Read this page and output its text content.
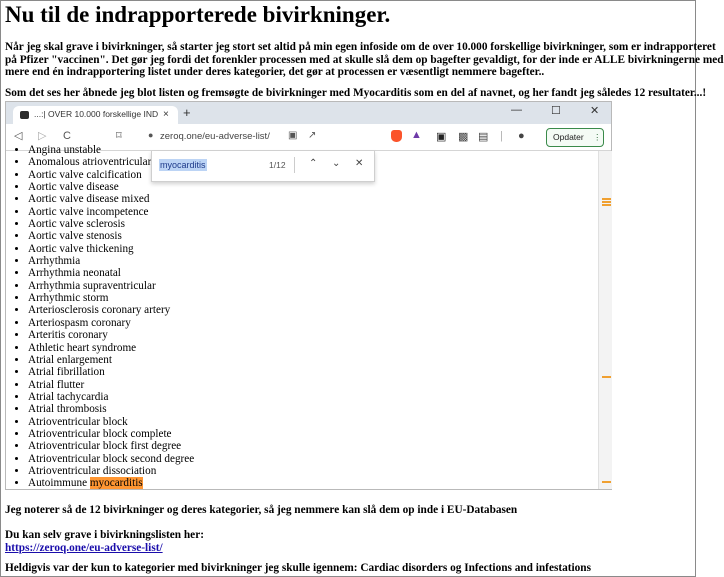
Nu til de indrapporterede bivirkninger.
Når jeg skal grave i bivirkninger, så starter jeg stort set altid på min egen infoside om de over 10.000 forskellige bivirkninger, som er indrapporteret
på Pfizer "vaccinen". Det gør jeg fordi det forenkler processen med at skulle slå dem op bagefter gevaldigt, for der inde er ALLE bivirkningerne med
mere end én indrapportering listet under deres kategorier, det gør at processen er væsentligt nemmere bagefter..
Som det ses her åbnede jeg blot listen og fremsøgte de bivirkninger med Myocarditis som en del af navnet, og her fandt jeg således 12 resultater...!
...:| OVER 10.000 forskellige IND × +	—	☐	✕
◁ ▷ C	⌑	● zeroq.one/eu-adverse-list/ ▣ ↗	▲ ▣ ▩ ▤ | ●	Opdater ⋮
• Angina unstable
• Anomalous atrioventricular
• Aortic valve calcification
• Aortic valve disease
• Aortic valve disease mixed
• Aortic valve incompetence
• Aortic valve sclerosis
• Aortic valve stenosis
• Aortic valve thickening
• Arrhythmia
• Arrhythmia neonatal
• Arrhythmia supraventricular
• Arrhythmic storm
• Arteriosclerosis coronary artery
• Arteriospasm coronary
• Arteritis coronary
• Athletic heart syndrome
• Atrial enlargement
• Atrial fibrillation
• Atrial flutter
• Atrial tachycardia
• Atrial thrombosis
• Atrioventricular block
• Atrioventricular block complete
• Atrioventricular block first degree
• Atrioventricular block second degree
• Atrioventricular dissociation
• Autoimmune myocarditis
myocarditis	1/12 ⌃ ⌄ ✕
Jeg noterer så de 12 bivirkninger og deres kategorier, så jeg nemmere kan slå dem op inde i EU-Databasen
Du kan selv grave i bivirkningslisten her:
https://zeroq.one/eu-adverse-list/
Heldigvis var der kun to kategorier med bivirkninger jeg skulle igennem: Cardiac disorders og Infections and infestations
